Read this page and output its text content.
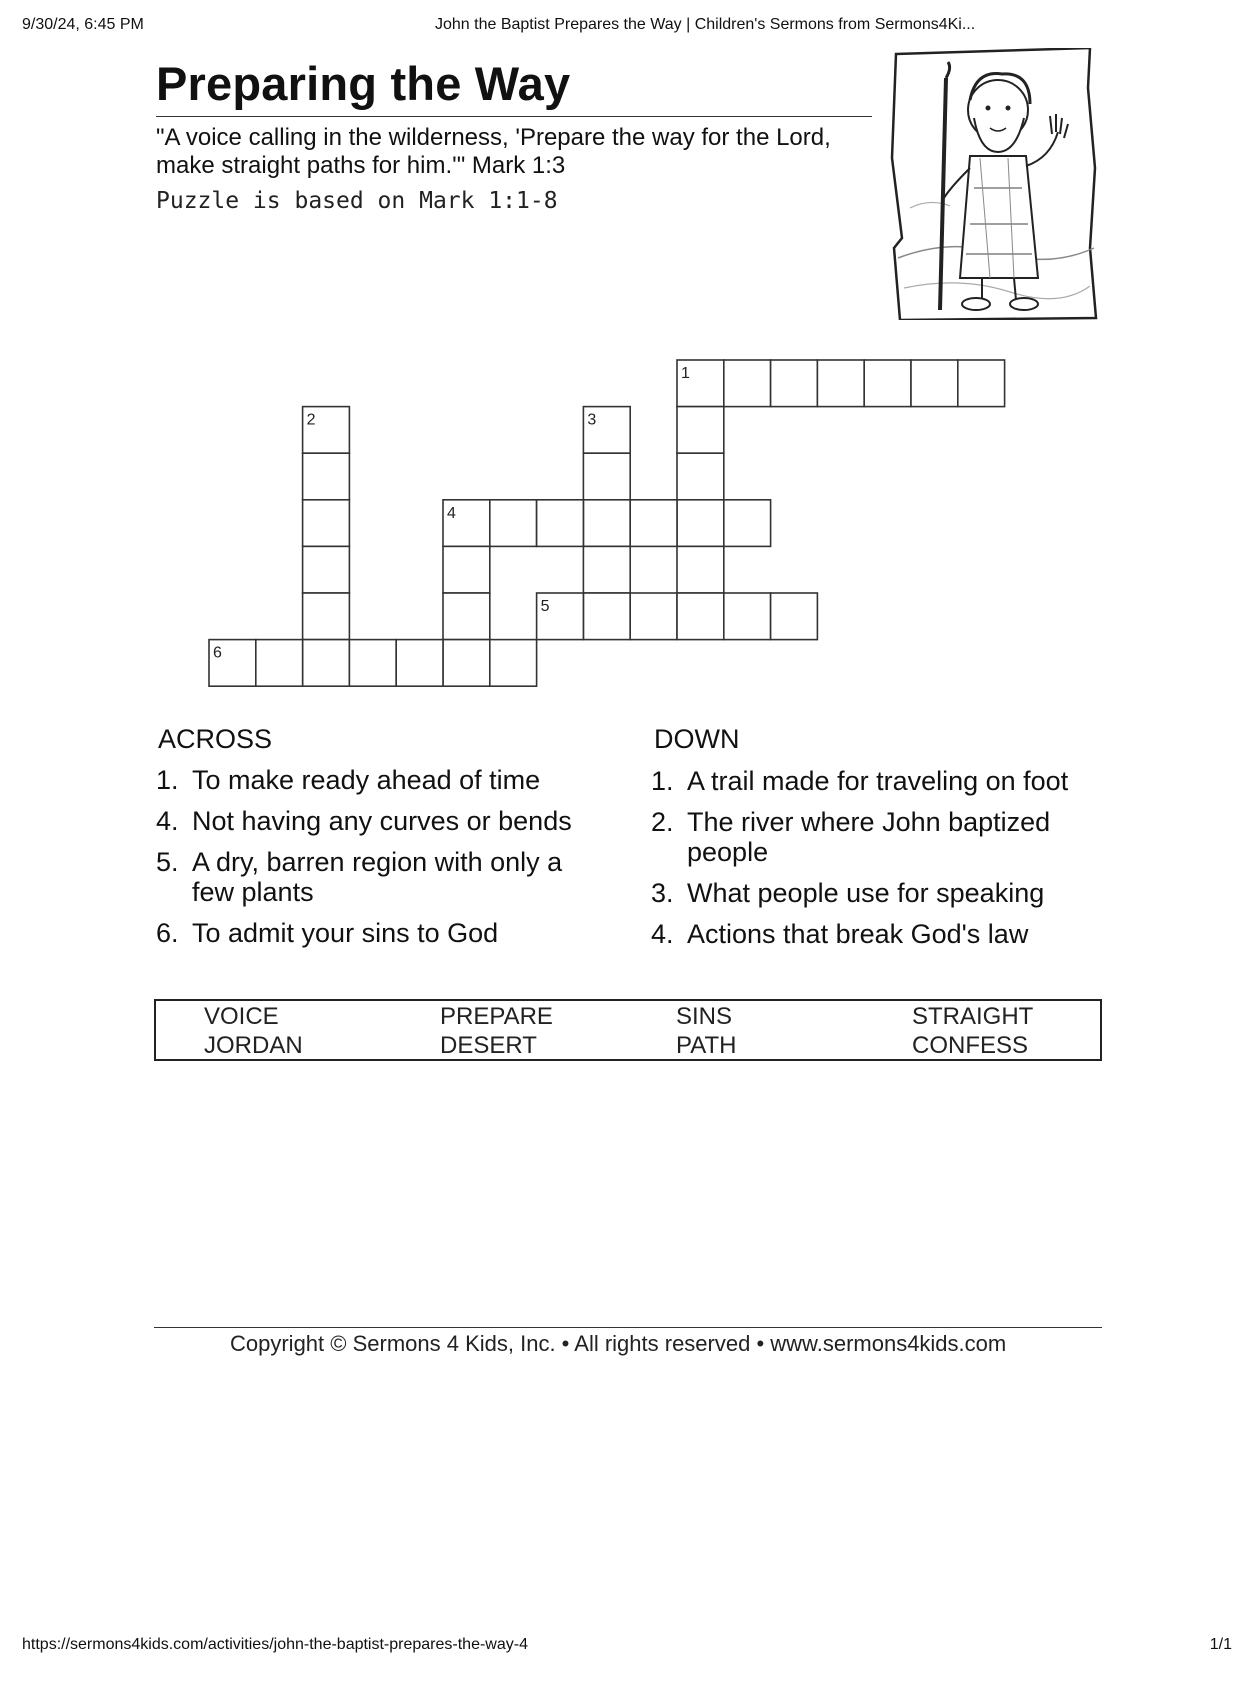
9/30/24, 6:45 PM	John the Baptist Prepares the Way | Children's Sermons from Sermons4Ki...
Preparing the Way
"A voice calling in the wilderness, 'Prepare the way for the Lord,
make straight paths for him.'" Mark 1:3
Puzzle is based on Mark 1:1-8
1
2	3
4
5
6
ACROSS	DOWN
1. To make ready ahead of time
4. Not having any curves or bends
5. A dry, barren region with only a few plants
6. To admit your sins to God
1. A trail made for traveling on foot
2. The river where John baptized people
3. What people use for speaking
4. Actions that break God's law
VOICE	PREPARE	SINS	STRAIGHT
JORDAN	DESERT	PATH	CONFESS
Copyright © Sermons 4 Kids, Inc. • All rights reserved • www.sermons4kids.com
https://sermons4kids.com/activities/john-the-baptist-prepares-the-way-4	1/1
